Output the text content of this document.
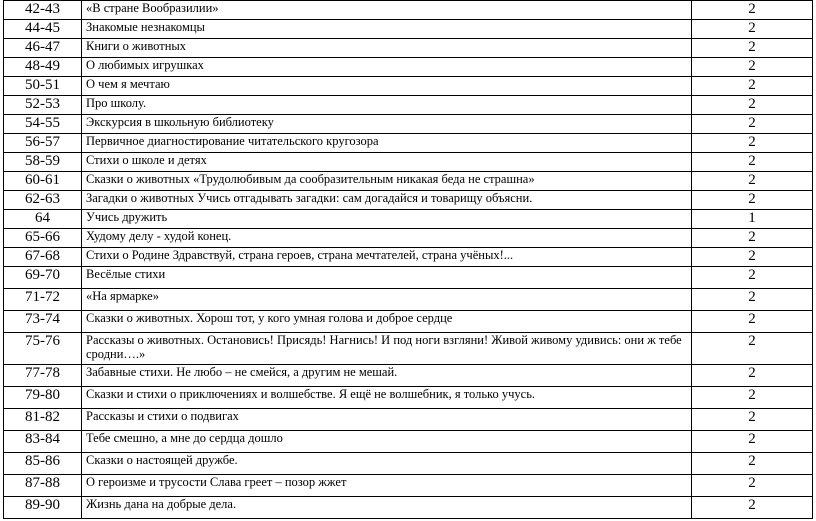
42-43	«В стране Вообразилии»	2
44-45	Знакомые незнакомцы	2
46-47	Книги о животных	2
48-49	О любимых игрушках	2
50-51	О чем я мечтаю	2
52-53	Про школу.	2
54-55	Экскурсия в школьную библиотеку	2
56-57	Первичное диагностирование читательского кругозора	2
58-59	Стихи о школе и детях	2
60-61	Сказки о животных «Трудолюбивым да сообразительным никакая беда не страшна»	2
62-63	Загадки о животных Учись отгадывать загадки: сам догадайся и товарищу объясни.	2
64	Учись дружить	1
65-66	Худому делу - худой конец.	2
67-68	Стихи о Родине Здравствуй, страна героев, страна мечтателей, страна учёных!...	2
69-70	Весёлые стихи	2
71-72	«На ярмарке»	2
73-74	Сказки о животных. Хорош тот, у кого умная голова и доброе сердце	2
75-76	Рассказы о животных. Остановись! Присядь! Нагнись! И под ноги взгляни! Живой живому удивись: они ж тебе сродни….»	2
77-78	Забавные стихи. Не любо – не смейся, а другим не мешай.	2
79-80	Сказки и стихи о приключениях и волшебстве. Я ещё не волшебник, я только учусь.	2
81-82	Рассказы и стихи о подвигах	2
83-84	Тебе смешно, а мне до сердца дошло	2
85-86	Сказки о настоящей дружбе.	2
87-88	О героизме и трусости Слава греет – позор жжет	2
89-90	Жизнь дана на добрые дела.	2
